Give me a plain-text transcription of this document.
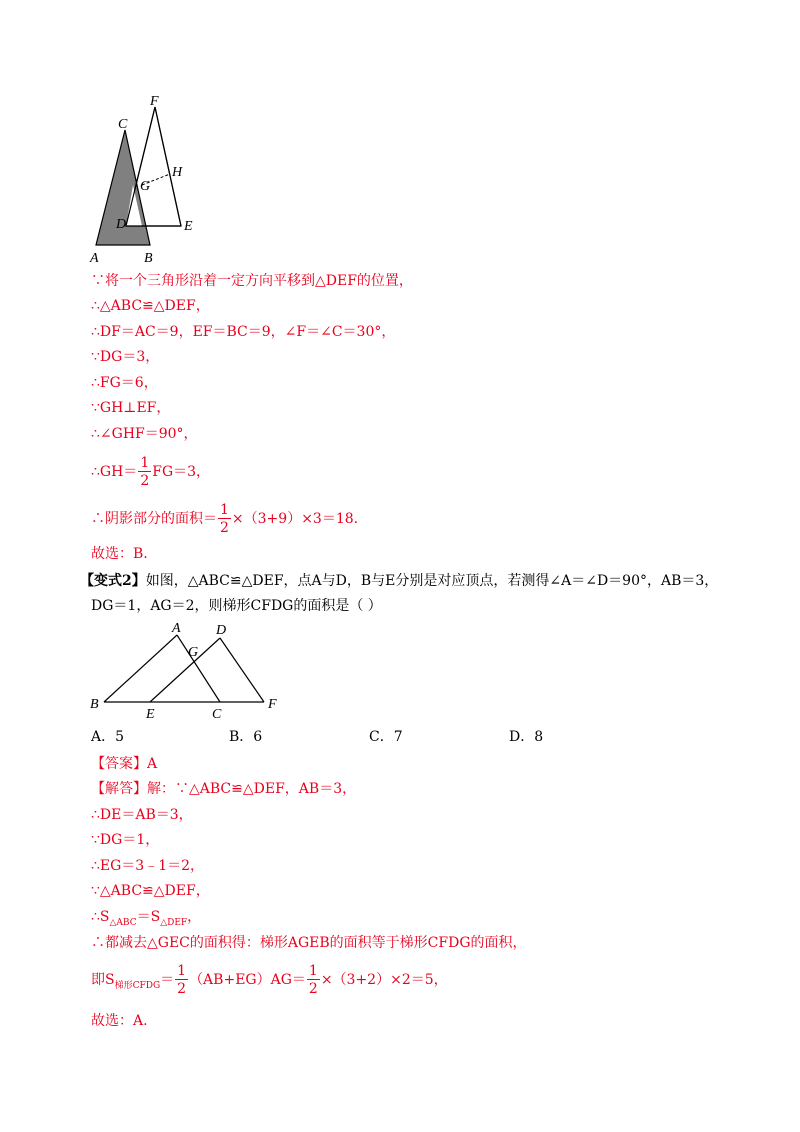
A	B
C
D	E
F
G
H
∵将一个三角形沿着一定方向平移到△DEF的位置，
∴△ABC≌△DEF，
∴DF＝AC＝9，EF＝BC＝9，∠F＝∠C＝30°，
∵DG＝3，
∴FG＝6，
∵GH⊥EF，
∴∠GHF＝90°，
∴GH＝ $\frac{1}{2} FG=3$，
∴阴影部分的面积＝ $\frac{1}{2} \times(3+9)\times 3=18$.
故选：B.
【变式2】如图，△ABC≌△DEF，点A与D，B与E分别是对应顶点，若测得∠A＝∠D＝90°，AB＝3，
DG＝1，AG＝2，则梯形CFDG的面积是（ ）
A
B
C
D
E
F
G
A．5	B．6	C．7	D．8
【答案】A
【解答】解：∵△ABC≌△DEF，AB＝3，
∴DE＝AB＝3，
∵DG＝1，
∴EG＝3﹣1＝2，
∵△ABC≌△DEF，
$\therefore S_{\triangle ABC}=S_{\triangle DEF}$，
∴都减去△GEC的面积得：梯形AGEB的面积等于梯形CFDG的面积，
即$S_{梯形CFDG}= \frac{1}{2} (AB+EG)AG= \frac{1}{2} \times(3+2)\times 2=5$，
故选：A.
